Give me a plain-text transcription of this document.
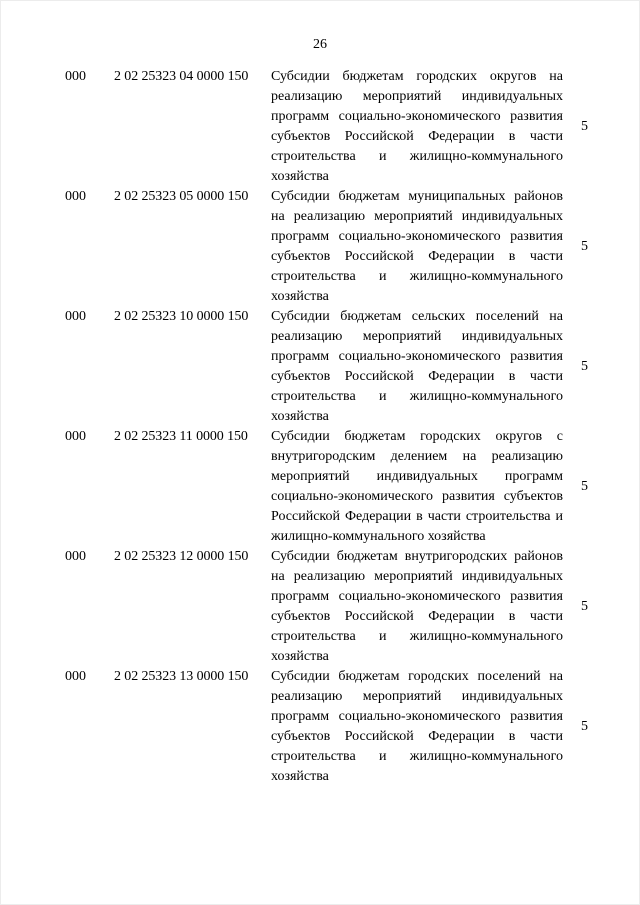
26
000 2 02 25323 04 0000 150 Субсидии бюджетам городских округов на реализацию мероприятий индивидуальных программ социально-экономического развития субъектов Российской Федерации в части строительства и жилищно-коммунального хозяйства
5
000 2 02 25323 05 0000 150 Субсидии бюджетам муниципальных районов на реализацию мероприятий индивидуальных программ социально-экономического развития субъектов Российской Федерации в части строительства и жилищно-коммунального хозяйства
5
000 2 02 25323 10 0000 150 Субсидии бюджетам сельских поселений на реализацию мероприятий индивидуальных программ социально-экономического развития субъектов Российской Федерации в части строительства и жилищно-коммунального хозяйства
5
000 2 02 25323 11 0000 150 Субсидии бюджетам городских округов с внутригородским делением на реализацию мероприятий индивидуальных программ социально-экономического развития субъектов Российской Федерации в части строительства и жилищно-коммунального хозяйства
5
000 2 02 25323 12 0000 150 Субсидии бюджетам внутригородских районов на реализацию мероприятий индивидуальных программ социально-экономического развития субъектов Российской Федерации в части строительства и жилищно-коммунального хозяйства
5
000 2 02 25323 13 0000 150 Субсидии бюджетам городских поселений на реализацию мероприятий индивидуальных программ социально-экономического развития субъектов Российской Федерации в части строительства и жилищно-коммунального хозяйства
5
